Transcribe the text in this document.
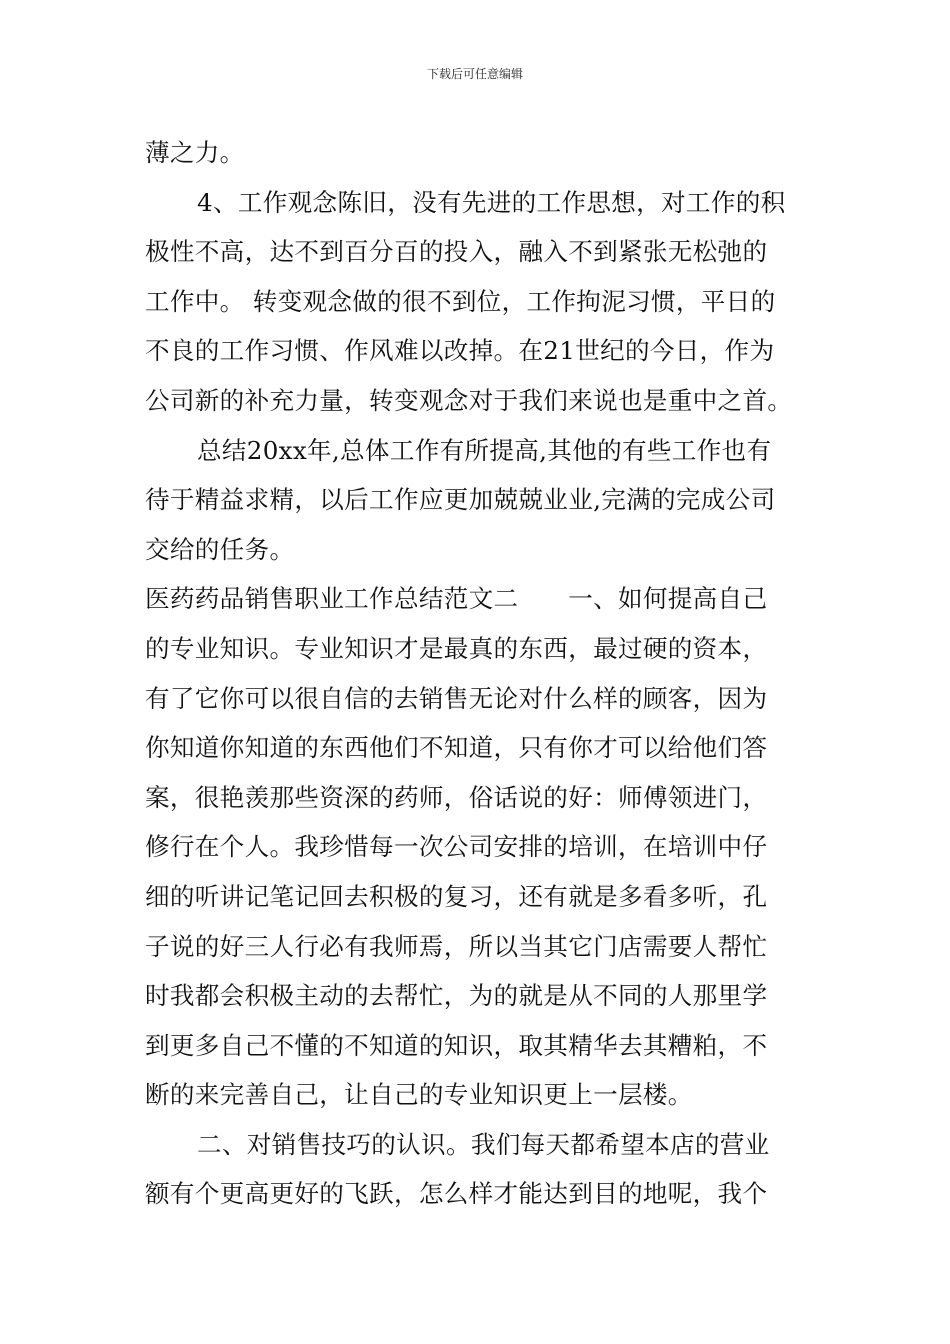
下载后可任意编辑
薄之力。
4、工作观念陈旧，没有先进的工作思想，对工作的积
极性不高，达不到百分百的投入，融入不到紧张无松弛的
工作中。 转变观念做的很不到位，工作拘泥习惯，平日的
不良的工作习惯、作风难以改掉。在21世纪的今日，作为
公司新的补充力量，转变观念对于我们来说也是重中之首。
总结20xx年,总体工作有所提高,其他的有些工作也有
待于精益求精，以后工作应更加兢兢业业,完满的完成公司
交给的任务。
医药药品销售职业工作总结范文二　　一、如何提高自己
的专业知识。专业知识才是最真的东西，最过硬的资本，
有了它你可以很自信的去销售无论对什么样的顾客，因为
你知道你知道的东西他们不知道，只有你才可以给他们答
案，很艳羡那些资深的药师，俗话说的好：师傅领进门，
修行在个人。我珍惜每一次公司安排的培训，在培训中仔
细的听讲记笔记回去积极的复习，还有就是多看多听，孔
子说的好三人行必有我师焉，所以当其它门店需要人帮忙
时我都会积极主动的去帮忙，为的就是从不同的人那里学
到更多自己不懂的不知道的知识，取其精华去其糟粕，不
断的来完善自己，让自己的专业知识更上一层楼。
二、对销售技巧的认识。我们每天都希望本店的营业
额有个更高更好的飞跃，怎么样才能达到目的地呢，我个
